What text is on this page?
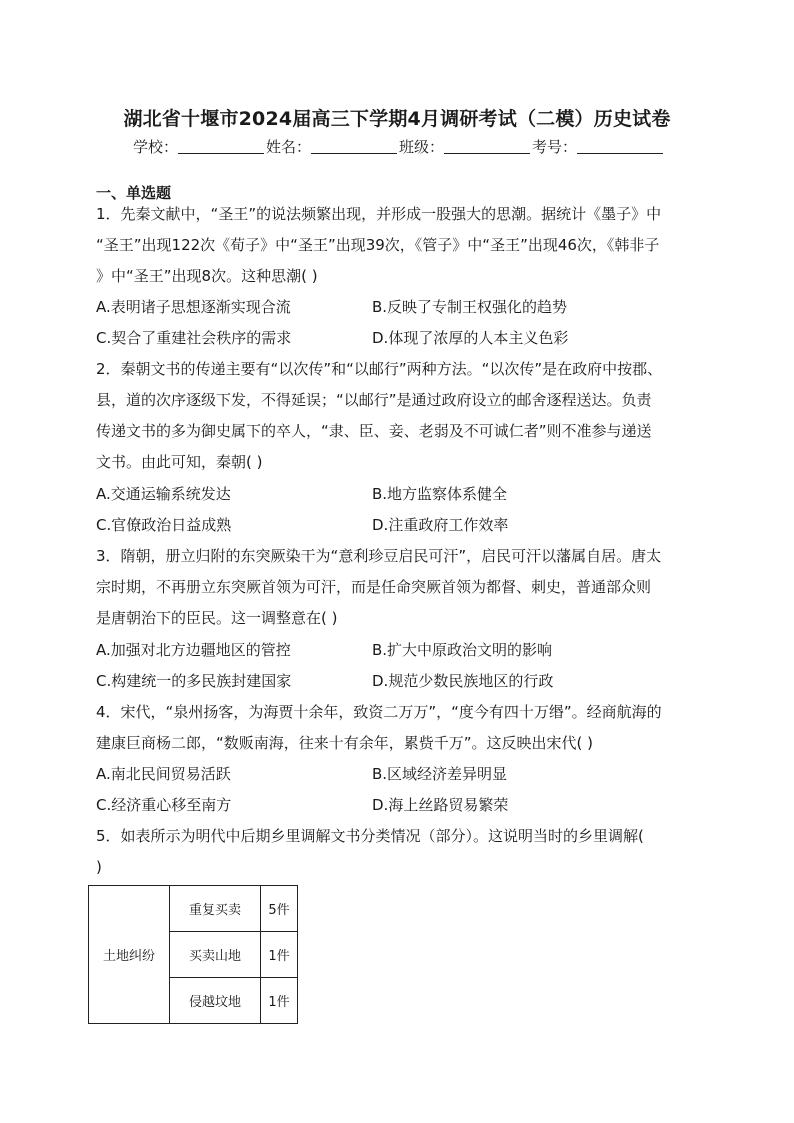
湖北省十堰市2024届高三下学期4月调研考试（二模）历史试卷
学校：	姓名：	班级：	考号：
一、单选题

1．先秦文献中，“圣王”的说法频繁出现，并形成一股强大的思潮。据统计《墨子》中

“圣王”出现122次《荀子》中“圣王”出现39次，《管子》中“圣王”出现46次，《韩非子

》中“圣王”出现8次。这种思潮( )

A.表明诸子思想逐渐实现合流	B.反映了专制王权强化的趋势
C.契合了重建社会秩序的需求	D.体现了浓厚的人本主义色彩

2．秦朝文书的传递主要有“以次传”和“以邮行”两种方法。“以次传”是在政府中按郡、

县，道的次序逐级下发，不得延误；“以邮行”是通过政府设立的邮舍逐程送达。负责

传递文书的多为御史属下的卒人，“隶、臣、妾、老弱及不可诚仁者”则不准参与递送

文书。由此可知，秦朝( )

A.交通运输系统发达	B.地方监察体系健全
C.官僚政治日益成熟	D.注重政府工作效率

3．隋朝，册立归附的东突厥染干为“意利珍豆启民可汗”，启民可汗以藩属自居。唐太

宗时期，不再册立东突厥首领为可汗，而是任命突厥首领为都督、刺史，普通部众则

是唐朝治下的臣民。这一调整意在( )

A.加强对北方边疆地区的管控	B.扩大中原政治文明的影响
C.构建统一的多民族封建国家	D.规范少数民族地区的行政

4．宋代，“泉州扬客，为海贾十余年，致资二万万”，“度今有四十万缗”。经商航海的

建康巨商杨二郎，“数贩南海，往来十有余年，累赀千万”。这反映出宋代( )

A.南北民间贸易活跃	B.区域经济差异明显
C.经济重心移至南方	D.海上丝路贸易繁荣

5．如表所示为明代中后期乡里调解文书分类情况（部分）。这说明当时的乡里调解(

)

土地纠纷	重复买卖	5件
	买卖山地	1件
	侵越坟地	1件
